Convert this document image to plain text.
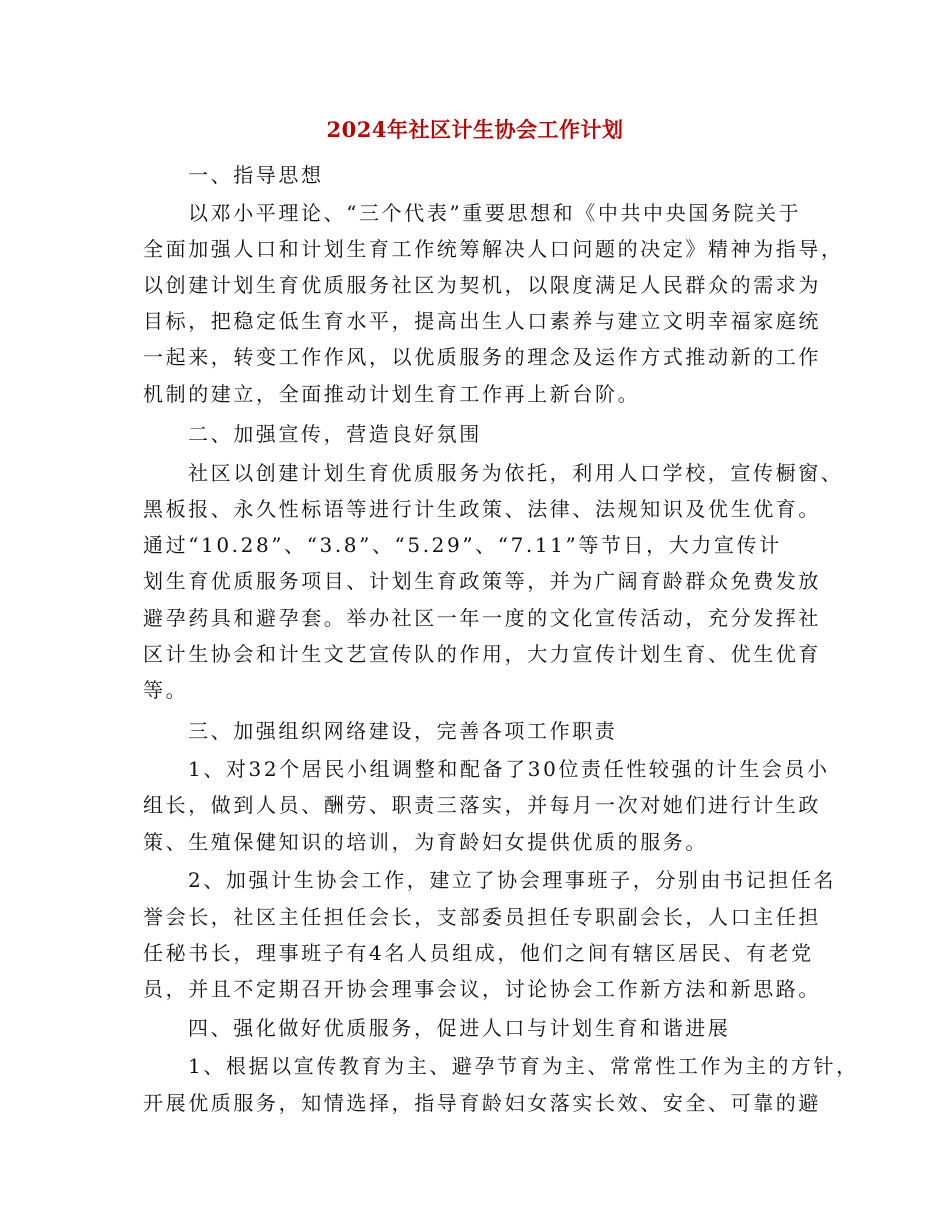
2024年社区计生协会工作计划
一、指导思想
以邓小平理论、“三个代表”重要思想和《中共中央国务院关于
全面加强人口和计划生育工作统筹解决人口问题的决定》精神为指导，
以创建计划生育优质服务社区为契机，以限度满足人民群众的需求为
目标，把稳定低生育水平，提高出生人口素养与建立文明幸福家庭统
一起来，转变工作作风，以优质服务的理念及运作方式推动新的工作
机制的建立，全面推动计划生育工作再上新台阶。
二、加强宣传，营造良好氛围
社区以创建计划生育优质服务为依托，利用人口学校，宣传橱窗、
黑板报、永久性标语等进行计生政策、法律、法规知识及优生优育。
通过“10.28”、“3.8”、“5.29”、“7.11”等节日，大力宣传计
划生育优质服务项目、计划生育政策等，并为广阔育龄群众免费发放
避孕药具和避孕套。举办社区一年一度的文化宣传活动，充分发挥社
区计生协会和计生文艺宣传队的作用，大力宣传计划生育、优生优育
等。
三、加强组织网络建设，完善各项工作职责
1、对32个居民小组调整和配备了30位责任性较强的计生会员小
组长，做到人员、酬劳、职责三落实，并每月一次对她们进行计生政
策、生殖保健知识的培训，为育龄妇女提供优质的服务。
2、加强计生协会工作，建立了协会理事班子，分别由书记担任名
誉会长，社区主任担任会长，支部委员担任专职副会长，人口主任担
任秘书长，理事班子有4名人员组成，他们之间有辖区居民、有老党
员，并且不定期召开协会理事会议，讨论协会工作新方法和新思路。
四、强化做好优质服务，促进人口与计划生育和谐进展
1、根据以宣传教育为主、避孕节育为主、常常性工作为主的方针，
开展优质服务，知情选择，指导育龄妇女落实长效、安全、可靠的避
